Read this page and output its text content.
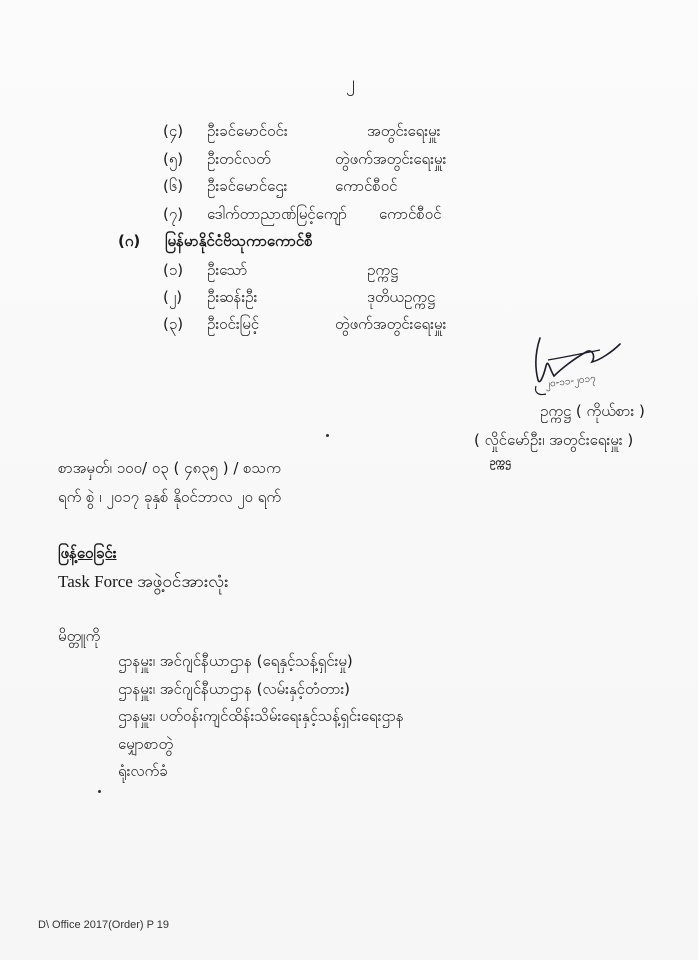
၂
(၄) ဦးခင်မောင်ဝင်း	အတွင်းရေးမှူး
(၅) ဦးတင်လတ်	တွဲဖက်အတွင်းရေးမှူး
(၆) ဦးခင်မောင်ဌေး	ကောင်စီဝင်
(၇) ဒေါက်တာညာဏ်မြင့်ကျော် ကောင်စီဝင်
(ဂ) မြန်မာနိုင်ငံဗိသုကာကောင်စီ
(၁) ဦးသော်	ဥက္ကဋ္ဌ
(၂) ဦးဆန်းဦး	ဒုတိယဥက္ကဋ္ဌ
(၃) ဦးဝင်းမြင့်	တွဲဖက်အတွင်းရေးမှူး
၂၀-၁၁-၂၀၁၇
ဥက္ကဋ္ဌ ( ကိုယ်စား )
( လှိုင်မော်ဦး၊ အတွင်းရေးမှူး )
ဥက္ကဌ
စာအမှတ်၊ ၁၀၀/ ၀၃ ( ၄၈၃၅ ) / စသက
ရက် စွဲ ၊ ၂၀၁၇ ခုနှစ် နိုဝင်ဘာလ ၂၀ ရက်
ဖြန့်ဝေခြင်း
Task Force အဖွဲ့ဝင်အားလုံး
မိတ္တူကို
ဌာနမှူး၊ အင်ဂျင်နီယာဌာန (ရေနှင့်သန့်ရှင်းမှု)
ဌာနမှူး၊ အင်ဂျင်နီယာဌာန (လမ်းနှင့်တံတား)
ဌာနမှူး၊ ပတ်ဝန်းကျင်ထိန်းသိမ်းရေးနှင့်သန့်ရှင်းရေးဌာန
မျှောစာတွဲ
ရုံးလက်ခံ
D\ Office 2017(Order) P 19
